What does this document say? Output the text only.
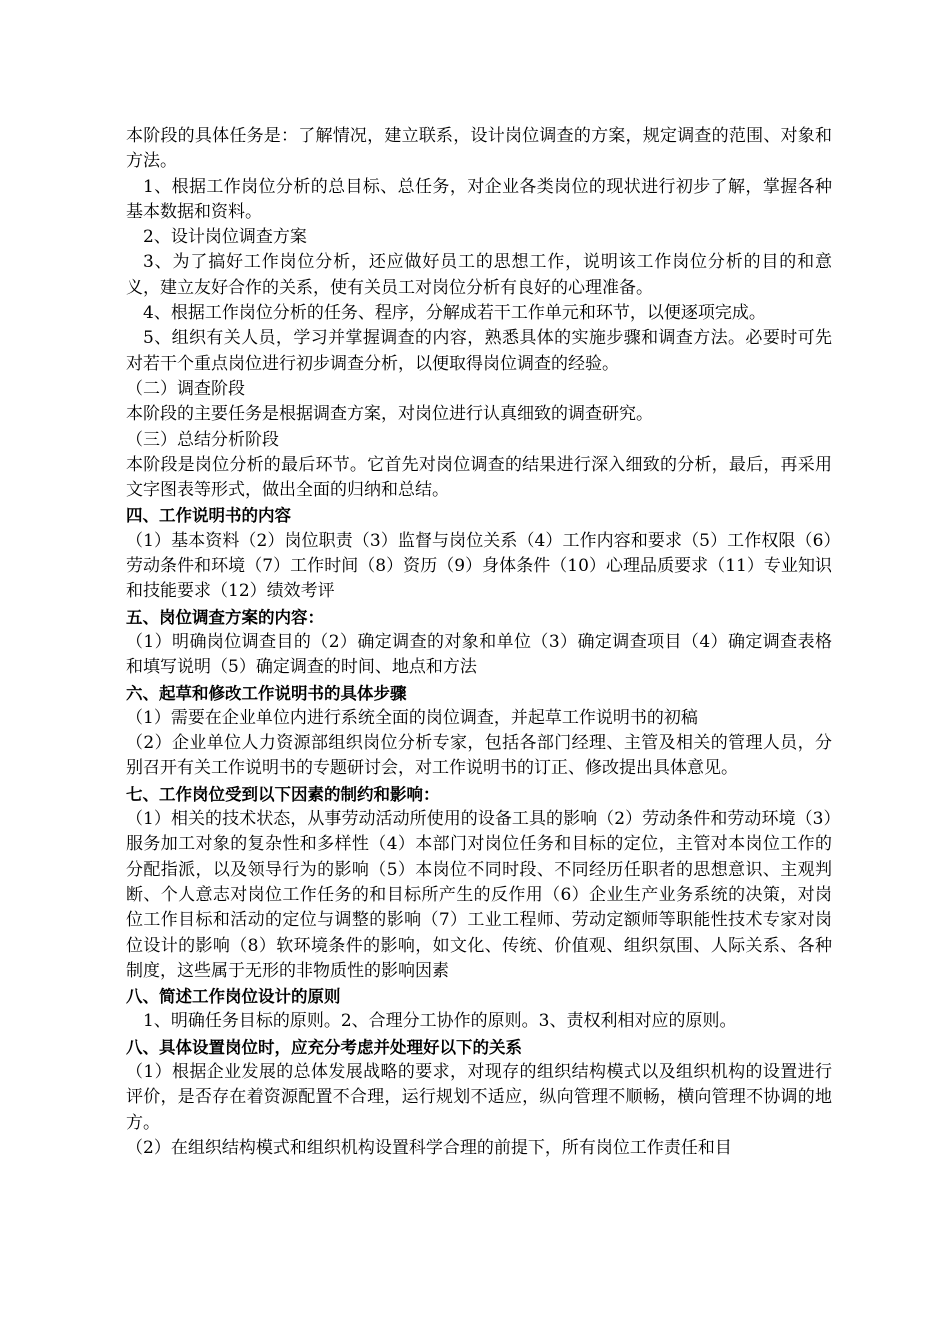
本阶段的具体任务是：了解情况，建立联系，设计岗位调查的方案，规定调查的范围、对象和方法。

1、根据工作岗位分析的总目标、总任务，对企业各类岗位的现状进行初步了解，掌握各种基本数据和资料。

2、设计岗位调查方案

3、为了搞好工作岗位分析，还应做好员工的思想工作，说明该工作岗位分析的目的和意义，建立友好合作的关系，使有关员工对岗位分析有良好的心理准备。

4、根据工作岗位分析的任务、程序，分解成若干工作单元和环节，以便逐项完成。

5、组织有关人员，学习并掌握调查的内容，熟悉具体的实施步骤和调查方法。必要时可先对若干个重点岗位进行初步调查分析，以便取得岗位调查的经验。

（二）调查阶段

本阶段的主要任务是根据调查方案，对岗位进行认真细致的调查研究。

（三）总结分析阶段

本阶段是岗位分析的最后环节。它首先对岗位调查的结果进行深入细致的分析，最后，再采用文字图表等形式，做出全面的归纳和总结。

四、工作说明书的内容

（1）基本资料（2）岗位职责（3）监督与岗位关系（4）工作内容和要求（5）工作权限（6）劳动条件和环境（7）工作时间（8）资历（9）身体条件（10）心理品质要求（11）专业知识和技能要求（12）绩效考评

五、岗位调查方案的内容：

（1）明确岗位调查目的（2）确定调查的对象和单位（3）确定调查项目（4）确定调查表格和填写说明（5）确定调查的时间、地点和方法

六、起草和修改工作说明书的具体步骤

（1）需要在企业单位内进行系统全面的岗位调查，并起草工作说明书的初稿

（2）企业单位人力资源部组织岗位分析专家，包括各部门经理、主管及相关的管理人员，分别召开有关工作说明书的专题研讨会，对工作说明书的订正、修改提出具体意见。

七、工作岗位受到以下因素的制约和影响：

（1）相关的技术状态，从事劳动活动所使用的设备工具的影响（2）劳动条件和劳动环境（3）服务加工对象的复杂性和多样性（4）本部门对岗位任务和目标的定位，主管对本岗位工作的分配指派，以及领导行为的影响（5）本岗位不同时段、不同经历任职者的思想意识、主观判断、个人意志对岗位工作任务的和目标所产生的反作用（6）企业生产业务系统的决策，对岗位工作目标和活动的定位与调整的影响（7）工业工程师、劳动定额师等职能性技术专家对岗位设计的影响（8）软环境条件的影响，如文化、传统、价值观、组织氛围、人际关系、各种制度，这些属于无形的非物质性的影响因素

八、简述工作岗位设计的原则

1、明确任务目标的原则。2、合理分工协作的原则。3、责权利相对应的原则。

八、具体设置岗位时，应充分考虑并处理好以下的关系

（1）根据企业发展的总体发展战略的要求，对现存的组织结构模式以及组织机构的设置进行评价，是否存在着资源配置不合理，运行规划不适应，纵向管理不顺畅，横向管理不协调的地方。

（2）在组织结构模式和组织机构设置科学合理的前提下，所有岗位工作责任和目
